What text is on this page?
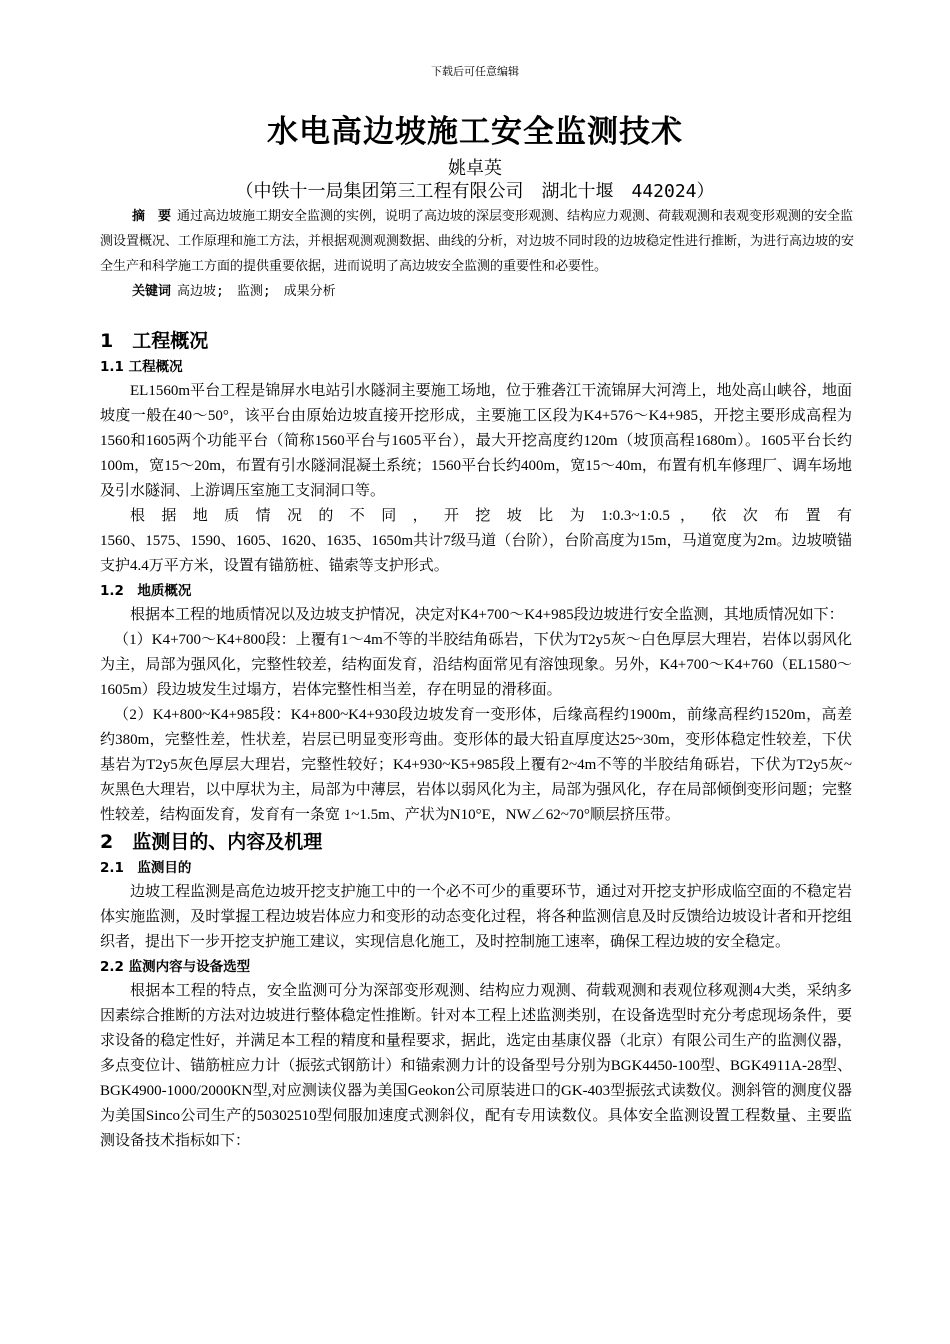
下载后可任意编辑
水电高边坡施工安全监测技术
姚卓英
（中铁十一局集团第三工程有限公司　湖北十堰　442024）

摘　要 通过高边坡施工期安全监测的实例，说明了高边坡的深层变形观测、结构应力观测、荷载观测和表观变形观测的安全监测设置概况、工作原理和施工方法，并根据观测观测数据、曲线的分析，对边坡不同时段的边坡稳定性进行推断，为进行高边坡的安全生产和科学施工方面的提供重要依据，进而说明了高边坡安全监测的重要性和必要性。

关键词 高边坡;　监测;　成果分析

1　工程概况
1.1 工程概况

EL1560m平台工程是锦屏水电站引水隧洞主要施工场地，位于雅砻江干流锦屏大河湾上，地处高山峡谷，地面坡度一般在40～50°，该平台由原始边坡直接开挖形成，主要施工区段为K4+576～K4+985，开挖主要形成高程为1560和1605两个功能平台（简称1560平台与1605平台），最大开挖高度约120m（坡顶高程1680m）。1605平台长约100m，宽15～20m，布置有引水隧洞混凝土系统；1560平台长约400m，宽15～40m，布置有机车修理厂、调车场地及引水隧洞、上游调压室施工支洞洞口等。

根 据 地 质 情 况 的 不 同 ， 开 挖 坡 比 为 1:0.3~1:0.5 ， 依 次 布 置 有

1560、1575、1590、1605、1620、1635、1650m共计7级马道（台阶），台阶高度为15m，马道宽度为2m。边坡喷锚支护4.4万平方米，设置有锚筋桩、锚索等支护形式。

1.2　地质概况

根据本工程的地质情况以及边坡支护情况，决定对K4+700～K4+985段边坡进行安全监测，其地质情况如下：

（1）K4+700～K4+800段：上覆有1～4m不等的半胶结角砾岩，下伏为T2y5灰～白色厚层大理岩，岩体以弱风化为主，局部为强风化，完整性较差，结构面发育，沿结构面常见有溶蚀现象。另外，K4+700～K4+760（EL1580～1605m）段边坡发生过塌方，岩体完整性相当差，存在明显的滑移面。

（2）K4+800~K4+985段：K4+800~K4+930段边坡发育一变形体，后缘高程约1900m，前缘高程约1520m，高差约380m，完整性差，性状差，岩层已明显变形弯曲。变形体的最大铅直厚度达25~30m，变形体稳定性较差，下伏基岩为T2y5灰色厚层大理岩，完整性较好；K4+930~K5+985段上覆有2~4m不等的半胶结角砾岩，下伏为T2y5灰~灰黑色大理岩，以中厚状为主，局部为中薄层，岩体以弱风化为主，局部为强风化，存在局部倾倒变形问题；完整性较差，结构面发育，发育有一条宽 1~1.5m、产状为N10°E，NW∠62~70°顺层挤压带。

2　监测目的、内容及机理
2.1　监测目的

边坡工程监测是高危边坡开挖支护施工中的一个必不可少的重要环节，通过对开挖支护形成临空面的不稳定岩体实施监测，及时掌握工程边坡岩体应力和变形的动态变化过程，将各种监测信息及时反馈给边坡设计者和开挖组织者，提出下一步开挖支护施工建议，实现信息化施工，及时控制施工速率，确保工程边坡的安全稳定。

2.2 监测内容与设备选型

根据本工程的特点，安全监测可分为深部变形观测、结构应力观测、荷载观测和表观位移观测4大类，采纳多因素综合推断的方法对边坡进行整体稳定性推断。针对本工程上述监测类别，在设备选型时充分考虑现场条件，要求设备的稳定性好，并满足本工程的精度和量程要求，据此，选定由基康仪器（北京）有限公司生产的监测仪器，多点变位计、锚筋桩应力计（振弦式钢筋计）和锚索测力计的设备型号分别为BGK4450-100型、BGK4911A-28型、BGK4900-1000/2000KN型,对应测读仪器为美国Geokon公司原装进口的GK-403型振弦式读数仪。测斜管的测度仪器为美国Sinco公司生产的50302510型伺服加速度式测斜仪，配有专用读数仪。具体安全监测设置工程数量、主要监测设备技术指标如下：
